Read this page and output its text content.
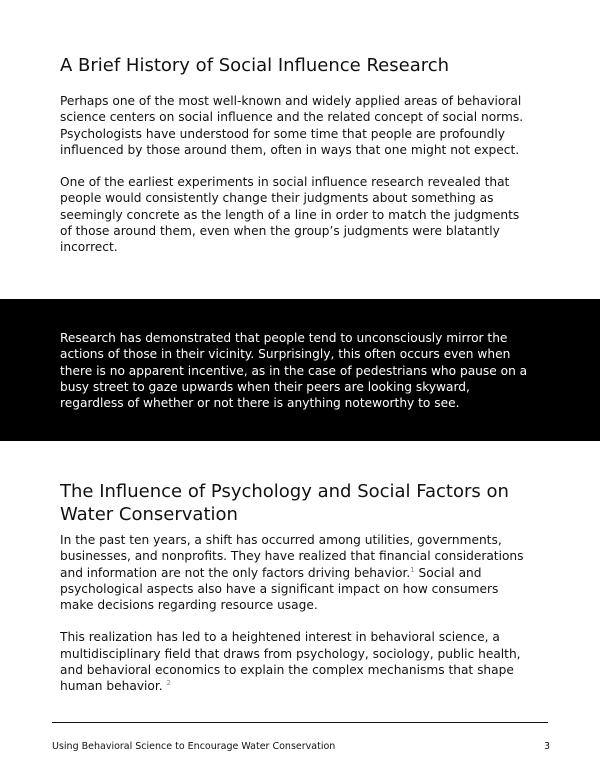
A Brief History of Social Influence Research

Perhaps one of the most well-known and widely applied areas of behavioral science centers on social influence and the related concept of social norms. Psychologists have understood for some time that people are profoundly influenced by those around them, often in ways that one might not expect.

One of the earliest experiments in social influence research revealed that people would consistently change their judgments about something as seemingly concrete as the length of a line in order to match the judgments of those around them, even when the group’s judgments were blatantly incorrect.

Research has demonstrated that people tend to unconsciously mirror the actions of those in their vicinity. Surprisingly, this often occurs even when there is no apparent incentive, as in the case of pedestrians who pause on a busy street to gaze upwards when their peers are looking skyward, regardless of whether or not there is anything noteworthy to see.

The Influence of Psychology and Social Factors on Water Conservation

In the past ten years, a shift has occurred among utilities, governments, businesses, and nonprofits. They have realized that financial considerations and information are not the only factors driving behavior.$^1$ Social and psychological aspects also have a significant impact on how consumers make decisions regarding resource usage.

This realization has led to a heightened interest in behavioral science, a multidisciplinary field that draws from psychology, sociology, public health, and behavioral economics to explain the complex mechanisms that shape human behavior. $^2$

Using Behavioral Science to Encourage Water Conservation	3
